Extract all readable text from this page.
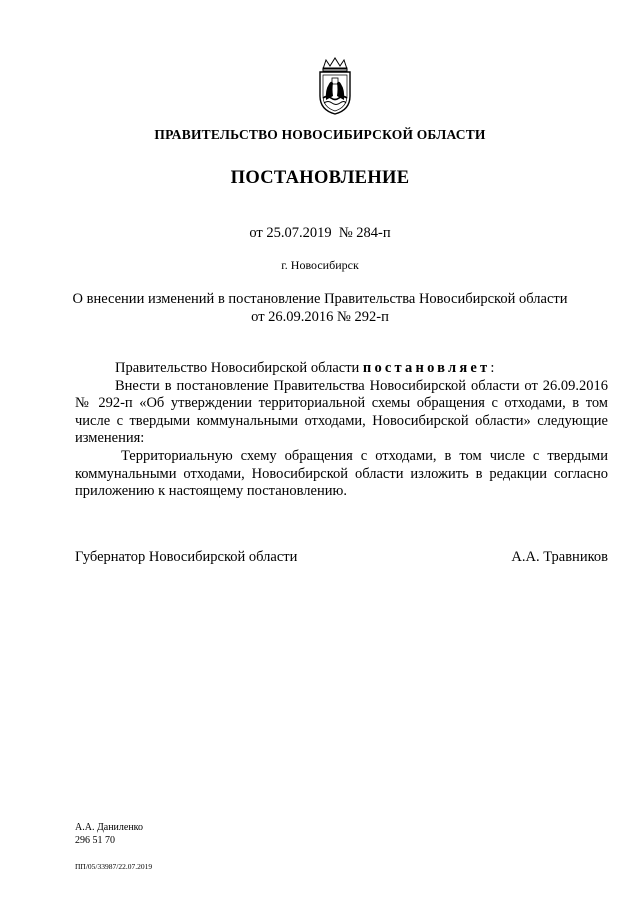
ПРАВИТЕЛЬСТВО НОВОСИБИРСКОЙ ОБЛАСТИ
ПОСТАНОВЛЕНИЕ
от 25.07.2019  № 284-п
г. Новосибирск
О внесении изменений в постановление Правительства Новосибирской области
от 26.09.2016 № 292-п

Правительство Новосибирской области постановляет:

Внести в постановление Правительства Новосибирской области от 26.09.2016 № 292-п «Об утверждении территориальной схемы обращения с отходами, в том числе с твердыми коммунальными отходами, Новосибирской области» следующие изменения:

Территориальную схему обращения с отходами, в том числе с твердыми коммунальными отходами, Новосибирской области изложить в редакции согласно приложению к настоящему постановлению.

Губернатор Новосибирской области	А.А. Травников
А.А. Даниленко
296 51 70
ПП/05/33987/22.07.2019
